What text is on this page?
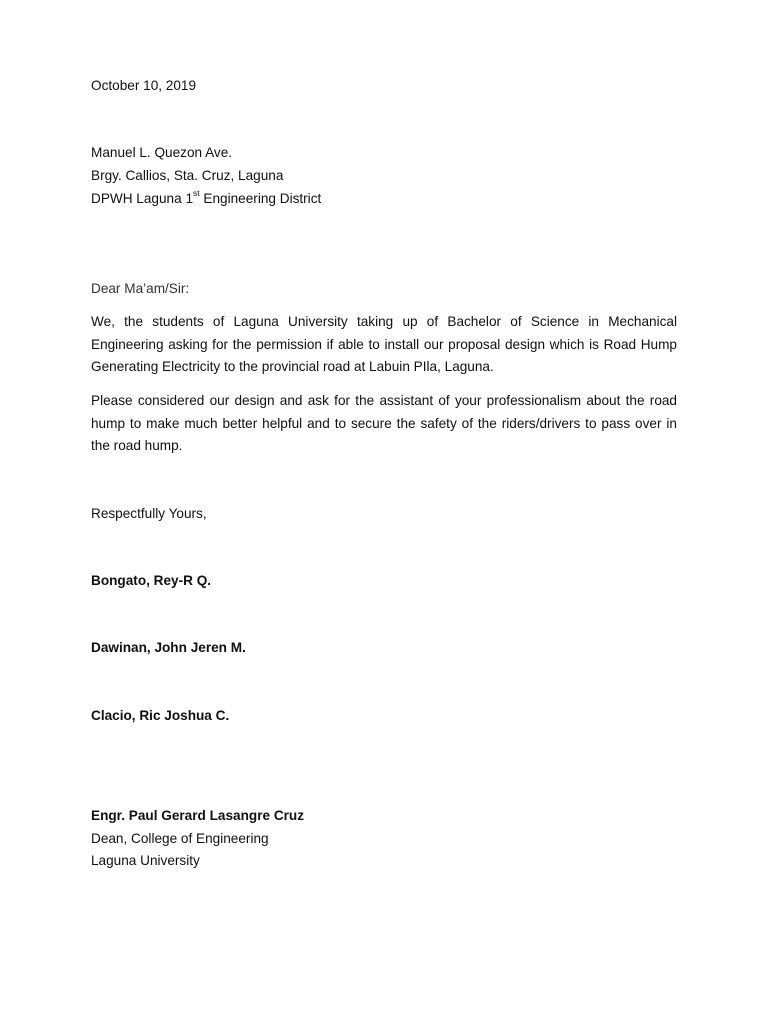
October 10, 2019

Manuel L. Quezon Ave.

Brgy. Callios, Sta. Cruz, Laguna

DPWH Laguna 1st Engineering District

Dear Ma’am/Sir:

We, the students of Laguna University taking up of Bachelor of Science in Mechanical Engineering asking for the permission if able to install our proposal design which is Road Hump Generating Electricity to the provincial road at Labuin PIla, Laguna.

Please considered our design and ask for the assistant of your professionalism about the road hump to make much better helpful and to secure the safety of the riders/drivers to pass over in the road hump.

Respectfully Yours,

Bongato, Rey-R Q.

Dawinan, John Jeren M.

Clacio, Ric Joshua C.

Engr. Paul Gerard Lasangre Cruz

Dean, College of Engineering

Laguna University
